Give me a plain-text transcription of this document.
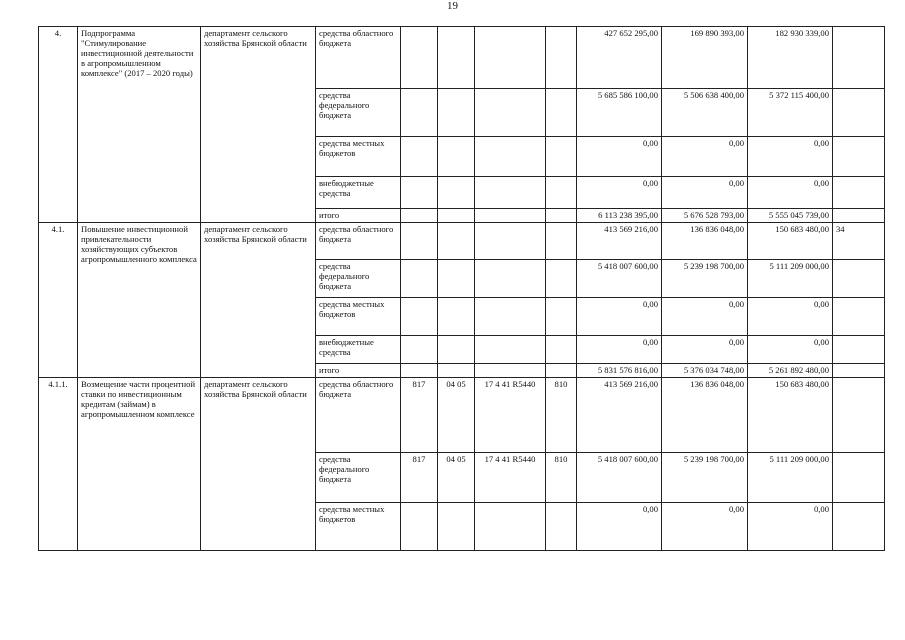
19
4.	Подпрограмма "Стимулирование инвестиционной деятельности в агропромышленном комплексе" (2017 – 2020 годы)	департамент сельского хозяйства Брянской области	средства областного бюджета					427 652 295,00	169 890 393,00	182 930 339,00	
			средства федерального бюджета					5 685 586 100,00	5 506 638 400,00	5 372 115 400,00	
			средства местных бюджетов					0,00	0,00	0,00	
			внебюджетные средства					0,00	0,00	0,00	
			итого					6 113 238 395,00	5 676 528 793,00	5 555 045 739,00	
4.1.	Повышение инвестиционной привлекательности хозяйствующих субъектов агропромышленного комплекса	департамент сельского хозяйства Брянской области	средства областного бюджета					413 569 216,00	136 836 048,00	150 683 480,00	34
			средства федерального бюджета					5 418 007 600,00	5 239 198 700,00	5 111 209 000,00	
			средства местных бюджетов					0,00	0,00	0,00	
			внебюджетные средства					0,00	0,00	0,00	
			итого					5 831 576 816,00	5 376 034 748,00	5 261 892 480,00	
4.1.1.	Возмещение части процентной ставки по инвестиционным кредитам (займам) в агропромышленном комплексе	департамент сельского хозяйства Брянской области	средства областного бюджета	817	04 05	17 4 41 R5440	810	413 569 216,00	136 836 048,00	150 683 480,00	
			средства федерального бюджета	817	04 05	17 4 41 R5440	810	5 418 007 600,00	5 239 198 700,00	5 111 209 000,00	
			средства местных бюджетов					0,00	0,00	0,00	
